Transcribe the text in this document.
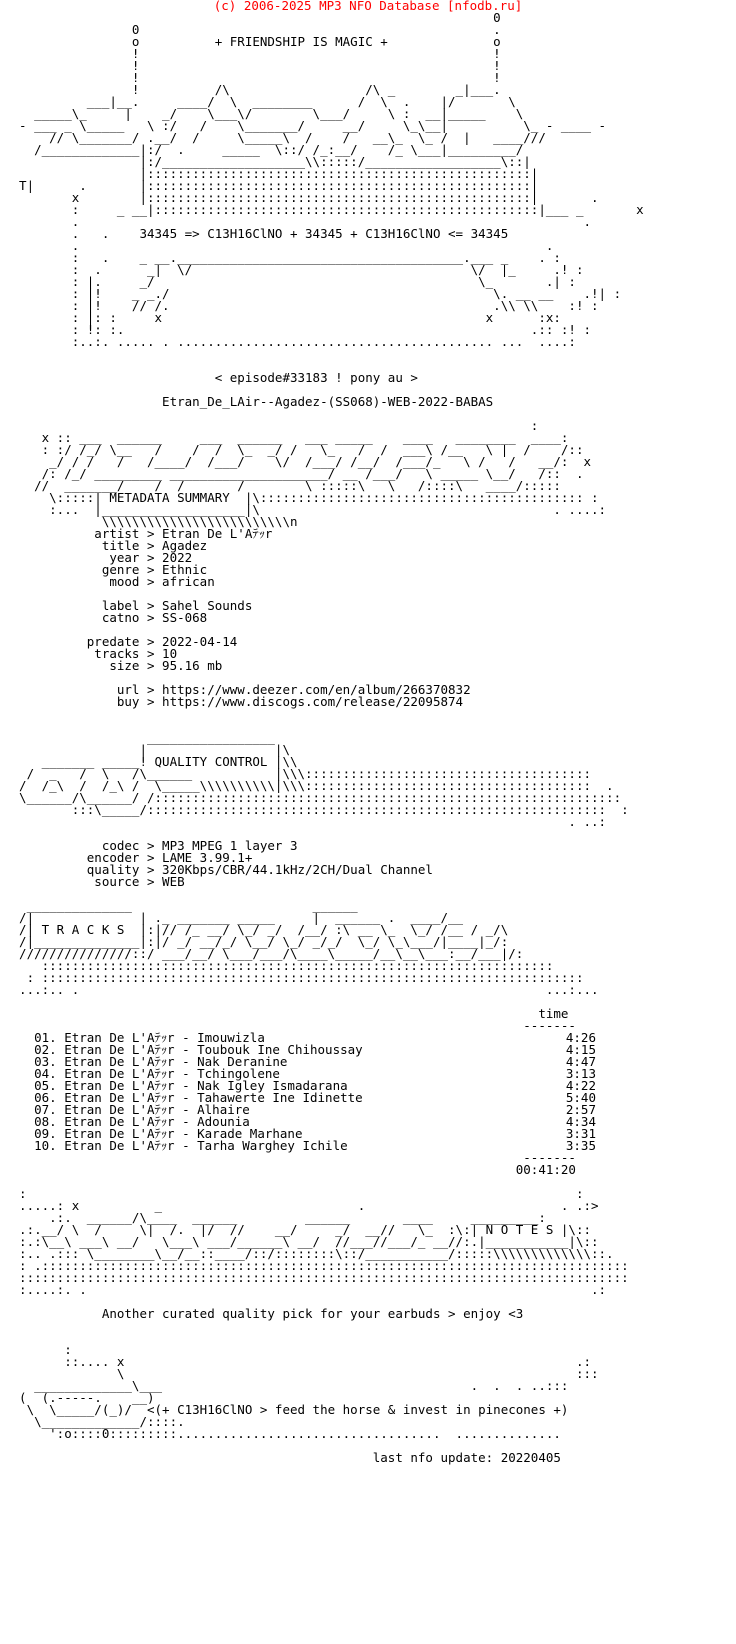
(c) 2006-2025 MP3 NFO Database [nfodb.ru]
0
0                                               .
o          + FRIENDSHIP IS MAGIC +              o
!                                               !
!                                               !
!                                               !
!          /\                  /\ _        _|___.
___|__.     ____/  \  ________      /  \  .    |/       \
_____\_     |    _/    \___\/        \___/     \ :  __|_____    \
- ___ _ \_____   \ :/   /    \_______/     __/     \_\__|          \_ - ____ -
// \_______/ .__/  /     \_____\  /    /   __\_  \_ /  |   ____///
/_____________|:/  .     _____  \::/ /_:__/    /_ \___|_________/
|:/___________________\\:::::/__________________\::|
|:::::::::::::::::::::::::::::::::::::::::::::::::::|
T|      .       |:::::::::::::::::::::::::::::::::::::::::::::::::::|
x        |:::::::::::::::::::::::::::::::::::::::::::::::::::|       .
:     _ __|:::::::::::::::::::::::::::::::::::::::::::::::::::|___ _       x
.                                                                   .
.   .    34345 => C13H16ClNO + 34345 + C13H16ClNO <= 34345
.                                                              .
:   .    _ __.______________________________________.___ _    . :
:  .      _|  \/                                     \/  |_     .! :
: |.     _/                                           \_       .| :
: |!    _ _./                                           \. __ __    .!| :
: |!    // /.                                           .\\ \\    :! :
: |: :     x                                           x      :x:
: !: :.                                                      .:: :! :
:..:. ..... . .......................................... ...  ....:

< episode#33183 ! pony au >

Etran_De_LAir--Agadez-(SS068)-WEB-2022-BABAS

:
x :: ___  ______     ___  ______   ___ _____    ____   ________  ____:
: :/ /_/ \__   /    /  /  \_  _/ /   \_   /  /  ___\ /__   \ |  /    /::
_/ / /   /   /____/  /___/    \/  /___/ /__/  /___/_   \ /   /   __/:  x
/: /_/ _________ _____________________/ __ /___/   \ _____ \__/   /::  .
//  _______/    /  /       /        \ :::::\   \   /::::\   ____/:::::
\:::::| METADATA SUMMARY  |\::::::::::::::::::::::::::::::::::::::::::: :
:...  |___________________|\                                       . ....:
\\\\\\\\\\\\\\\\\\\\\\\\\n
artist > Etran De L'Aﾃｯr
title > Agadez
year > 2022
genre > Ethnic
mood > african

label > Sahel Sounds
catno > SS-068

predate > 2022-04-14
tracks > 10
size > 95.16 mb

url > https://www.deezer.com/en/album/266370832
buy > https://www.discogs.com/release/22095874

_________________
|                 |\
_______ _____! QUALITY CONTROL |\\
/  _   /  \   /\______           |\\\::::::::::::::::::::::::::::::::::::::
/  /_\  /  /_\ /  \_____\\\\\\\\\\|\\\::::::::::::::::::::::::::::::::::::::  .
\______/\______/ /::::::::::::::::::::::::::::::::::::::::::::::::::::::::::::::
:::\_____/:::::::::::::::::::::::::::::::::::::::::::::::::::::::::::::  :
. ..:

codec > MP3 MPEG 1 layer 3
encoder > LAME 3.99.1+
quality > 320Kbps/CBR/44.1kHz/2CH/Dual Channel
source > WEB

______________                        ______
/|              | ._ _______ _____     |  ______ .  ____/__
/| T R A C K S  |:|// /_ __/ \_/ _/  /__/ :\ __ \_  \_/ /__ / _/\
/|______________|:|/ _/ __/_/ \__/ \_/ _/_/  \_/ \_\___/|____|_/:
///////////////::/ ___/__/ \___/___/\____\_____/__\__\___:__/___|/:
::::::::::::::::::::::::::::::::::::::::::::::::::::::::::::::::::::
: ::::::::::::::::::::::::::::::::::::::::::::::::::::::::::::::::::::::::
...:.. .                                                              ...:...

time
-------
01. Etran De L'Aﾃｯr - Imouwizla                                        4:26
02. Etran De L'Aﾃｯr - Toubouk Ine Chihoussay                           4:15
03. Etran De L'Aﾃｯr - Nak Deranine                                     4:47
04. Etran De L'Aﾃｯr - Tchingolene                                      3:13
05. Etran De L'Aﾃｯr - Nak Igley Ismadarana                             4:22
06. Etran De L'Aﾃｯr - Tahawerte Ine Idinette                           5:40
07. Etran De L'Aﾃｯr - Alhaire                                          2:57
08. Etran De L'Aﾃｯr - Adounia                                          4:34
09. Etran De L'Aﾃｯr - Karade Marhane                                   3:31
10. Etran De L'Aﾃｯr - Tarha Warghey Ichile                             3:35
-------
00:41:20

:                                                                         :
.....: x          _                          .                          . .:>
.:.  ______/\____  ______         ______       ____     _________:
.:.__/ \  /     \|  /.  |/  //    __/     _/  __//   \_  :\:| N O T E S |\::
:.:\__\ ___\ __/   \___\ ___/______\ __/  //___//___/_ __//:.|___________|\::
:.. .::: \________\__/__::____/::/::::::::\::/___________/:::::\\\\\\\\\\\\\::.
: .::::::::::::::::::::::::::::::::::::::::::::::::::::::::::::::::::::::::::::::
:::::::::::::::::::::::::::::::::::::::::::::::::::::::::::::::::::::::::::::::::
:....:. .                                                                   .:

Another curated quality pick for your earbuds > enjoy <3

:
::.... x                                                            .:
\                                                            :::
_____________\___                                         .  .  . ..:::
(  (.-----.    __)
\  \_____/(_)/  <(+ C13H16ClNO > feed the horse & invest in pinecones +)
\_____________/::::.
':o::::0:::::::::...................................  ..............

last nfo update: 20220405
